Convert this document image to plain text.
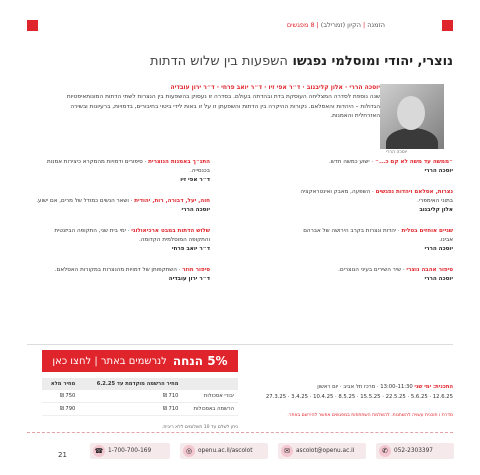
הזמנה|הקיון (זמרילב)|8 מפגשים
נוצרי, יהודי ומוסלמי נפגשו השפעות בין שלוש הדתות
יוסכה הררי
יוסכה הררי · אלון קליבנוב · ד״ר אפי זיו · ד״ר יואב פרחי · ד״ר ירון עובדיה
שנה נוספת לסדרה המצליחה העוסקת בדת ובהדתה בעולם. בסדרה זו נעסוק בהשפעות בין הנצרות לשתי הדתות המונותאיסטיות הגדולות – היהדות והאסלאם. נקורות ההיקרה בין הדתות והשפעתן זו על זו באות לידי ביטוי בחיבורים, בדמויות, ברעיונות ובשירה האזרחלית והאמנות.
״ממשה עד משה לא קם כ...״ · ישוע כמשה חדש.
יוסכה הררי
נצרות, אסלאם ויהדות נפגשים · השפעה, מאבק ואינטראקציה בתוני האימפרי.
אלון קליבנוב
שגיים אוחזים בטלית · יהדות ונצרות בקרב הירושה של אברהם אבינו.
יוסכה הררי
סיפור אהבה נוצרי · שיר השירים בעיני הנוצרים.
יוסכה הררי
התנ״ך באמנות הנוצרית · סיפורים ודמויות מהמקרא כיצירות אמנות בכנסייה.
ד״ר אפי זיו
חוה, יעל, דבורה, רות, יהודית · ושאר הנשים כמודל של מרים, אם ישוע.
יוסכה הררי
שלוש הדתות במבט ארכיאולוגי · ימי בית שני, התקופה הביזנטית והתקופה המוסלמית הקדומה.
ד״ר יואב פרחי
סיפור חוזר · השתקפותן של דמויות מהנצרות במקורות האסלאם.
ד״ר ירון עובדיה
5% הנחה
לנרשמים באתר | לחצו כאן
	מחיר הרשמה מוקדמת עד 6.2.25	מחיר מלא
יבורי אסכולות	710 ₪	750 ₪
הרשמה באסכולות	710 ₪	790 ₪
ניתן לשלם עד 10 תשלומים ללא ריבית.
התכנית: ימי שני 13:00-11:30 · מרכז תל אביב · יום ראשון
12.6.25 · 5.6.25 · 22.5.25 · 15.5.25 · 8.5.25 · 10.4.25 · 3.4.25 · 27.3.25
מדרת ו תוכנית עשויה להשתנות. להשלמת השתתפות במפגשים אפשר להירשם באתר.
☎ 1-700-700-169	◎	openu.ac.il/ascolot	✉	ascolot@openu.ac.il	✆	052-2303397
21
